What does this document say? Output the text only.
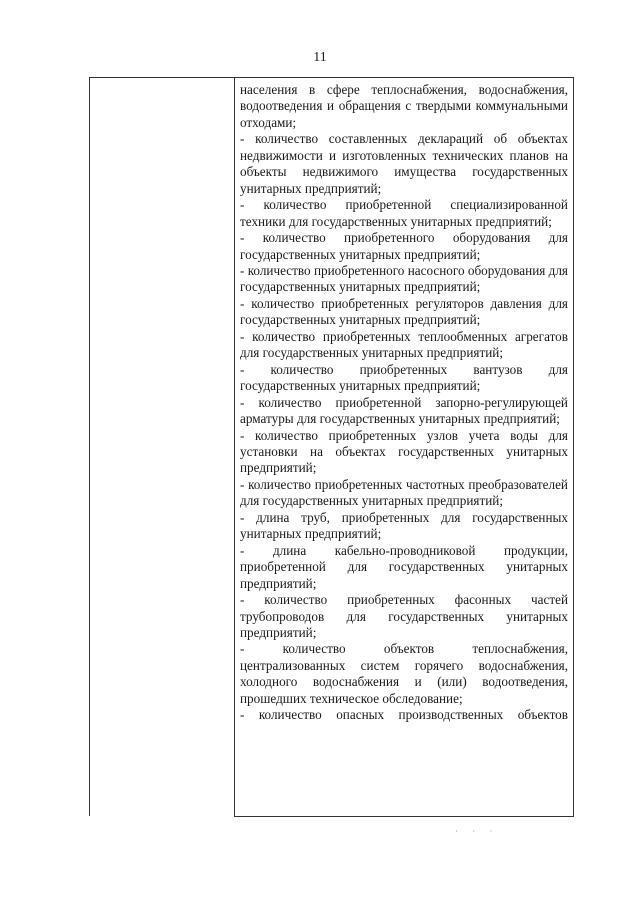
11

населения в сфере теплоснабжения, водоснабжения, водоотведения и обращения с твердыми коммунальными отходами;

- количество составленных деклараций об объектах недвижимости и изготовленных технических планов на объекты недвижимого имущества государственных унитарных предприятий;

- количество приобретенной специализированной техники для государственных унитарных предприятий;

- количество приобретенного оборудования для государственных унитарных предприятий;

- количество приобретенного насосного оборудования для государственных унитарных предприятий;

- количество приобретенных регуляторов давления для государственных унитарных предприятий;

- количество приобретенных теплообменных агрегатов для государственных унитарных предприятий;

- количество приобретенных вантузов для государственных унитарных предприятий;

- количество приобретенной запорно-регулирующей арматуры для государственных унитарных предприятий;

- количество приобретенных узлов учета воды для установки на объектах государственных унитарных предприятий;

- количество приобретенных частотных преобразователей для государственных унитарных предприятий;

- длина труб, приобретенных для государственных унитарных предприятий;

- длина кабельно-проводниковой продукции, приобретенной для государственных унитарных предприятий;

- количество приобретенных фасонных частей трубопроводов для государственных унитарных предприятий;

- количество объектов теплоснабжения, централизованных систем горячего водоснабжения, холодного водоснабжения и (или) водоотведения, прошедших техническое обследование;

- количество опасных производственных объектов

· · ·
